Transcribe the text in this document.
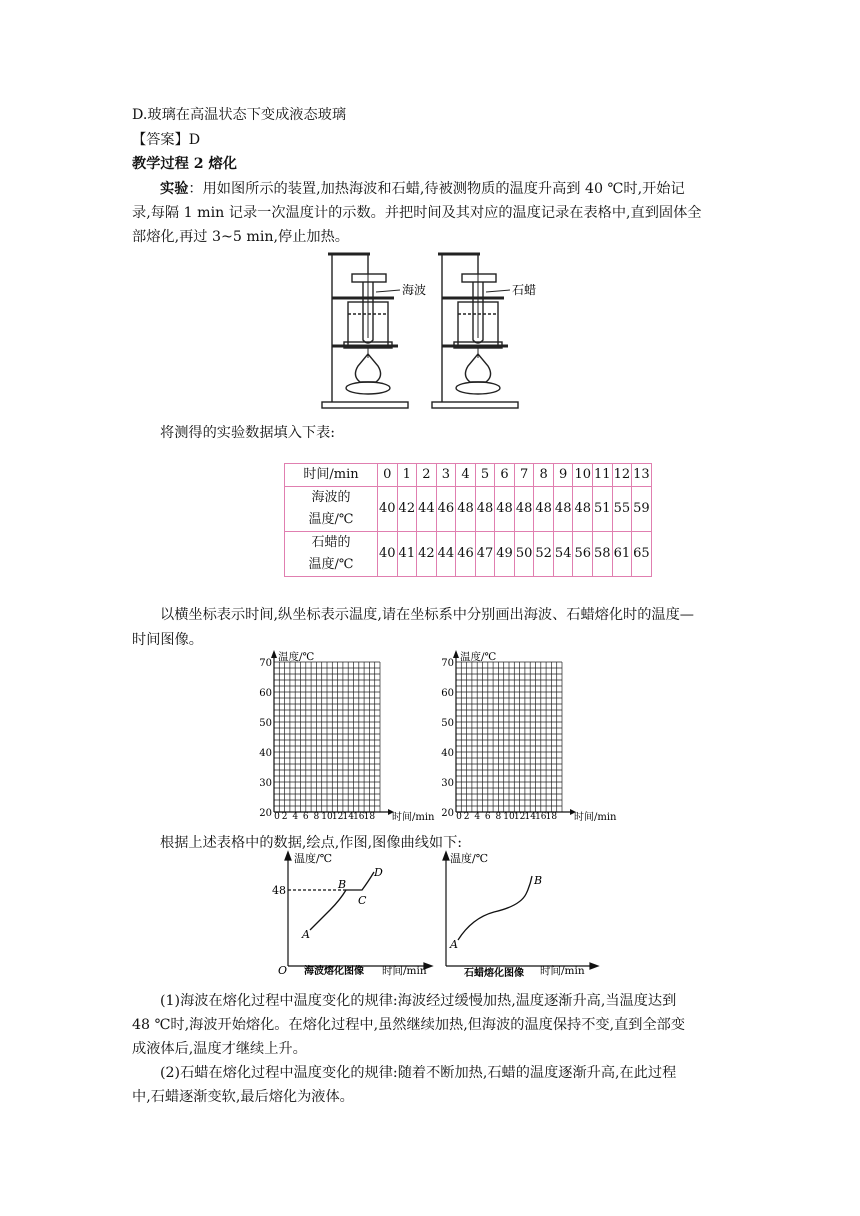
D.玻璃在高温状态下变成液态玻璃
【答案】D
教学过程 2 熔化
实验：用如图所示的装置,加热海波和石蜡,待被测物质的温度升高到 40 ℃时,开始记
录,每隔 1 min 记录一次温度计的示数。并把时间及其对应的温度记录在表格中,直到固体全
部熔化,再过 3~5 min,停止加热。
海波	石蜡
将测得的实验数据填入下表:
时间/min	0	1	2	3	4	5	6	7	8	9	10	11	12	13
海波的
温度/℃	40	42	44	46	48	48	48	48	48	48	48	51	55	59
石蜡的
温度/℃	40	41	42	44	46	47	49	50	52	54	56	58	61	65
以横坐标表示时间,纵坐标表示温度,请在坐标系中分别画出海波、石蜡熔化时的温度—
时间图像。
温度/℃
时间/min
70
60
50
40
30
20 0 2 4 6 8 10 12 14 16 18
温度/℃
时间/min
70
60
50
40
30
20 0 2 4 6 8 10 12 14 16 18
根据上述表格中的数据,绘点,作图,图像曲线如下:
温度/℃
48
O
A
B
C
D
海波熔化图像 时间/min
温度/℃
A
B
石蜡熔化图像 时间/min
(1)海波在熔化过程中温度变化的规律:海波经过缓慢加热,温度逐渐升高,当温度达到
48 ℃时,海波开始熔化。在熔化过程中,虽然继续加热,但海波的温度保持不变,直到全部变
成液体后,温度才继续上升。
(2)石蜡在熔化过程中温度变化的规律:随着不断加热,石蜡的温度逐渐升高,在此过程
中,石蜡逐渐变软,最后熔化为液体。
